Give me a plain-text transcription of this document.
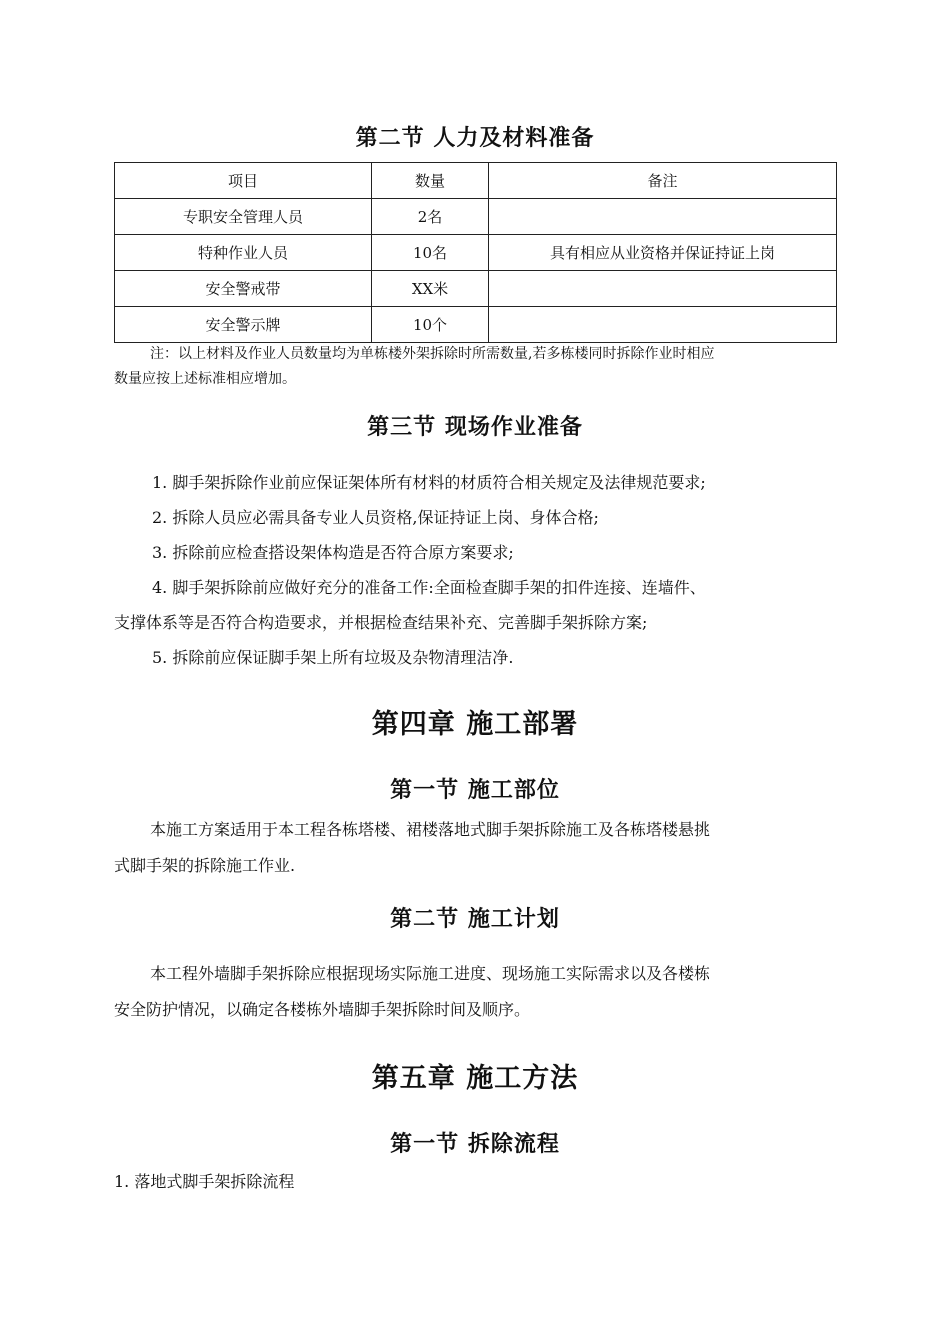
第二节 人力及材料准备
项目	数量	备注
专职安全管理人员	2名	
特种作业人员	10名	具有相应从业资格并保证持证上岗
安全警戒带	XX米	
安全警示牌	10个	
注：以上材料及作业人员数量均为单栋楼外架拆除时所需数量,若多栋楼同时拆除作业时相应
数量应按上述标准相应增加。
第三节 现场作业准备
1. 脚手架拆除作业前应保证架体所有材料的材质符合相关规定及法律规范要求;
2. 拆除人员应必需具备专业人员资格,保证持证上岗、身体合格;
3. 拆除前应检查搭设架体构造是否符合原方案要求;
4. 脚手架拆除前应做好充分的准备工作:全面检查脚手架的扣件连接、连墙件、
支撑体系等是否符合构造要求，并根据检查结果补充、完善脚手架拆除方案;
5. 拆除前应保证脚手架上所有垃圾及杂物清理洁净.
第四章 施工部署
第一节 施工部位
本施工方案适用于本工程各栋塔楼、裙楼落地式脚手架拆除施工及各栋塔楼悬挑
式脚手架的拆除施工作业.
第二节 施工计划
本工程外墙脚手架拆除应根据现场实际施工进度、现场施工实际需求以及各楼栋
安全防护情况，以确定各楼栋外墙脚手架拆除时间及顺序。
第五章 施工方法
第一节 拆除流程
1. 落地式脚手架拆除流程
